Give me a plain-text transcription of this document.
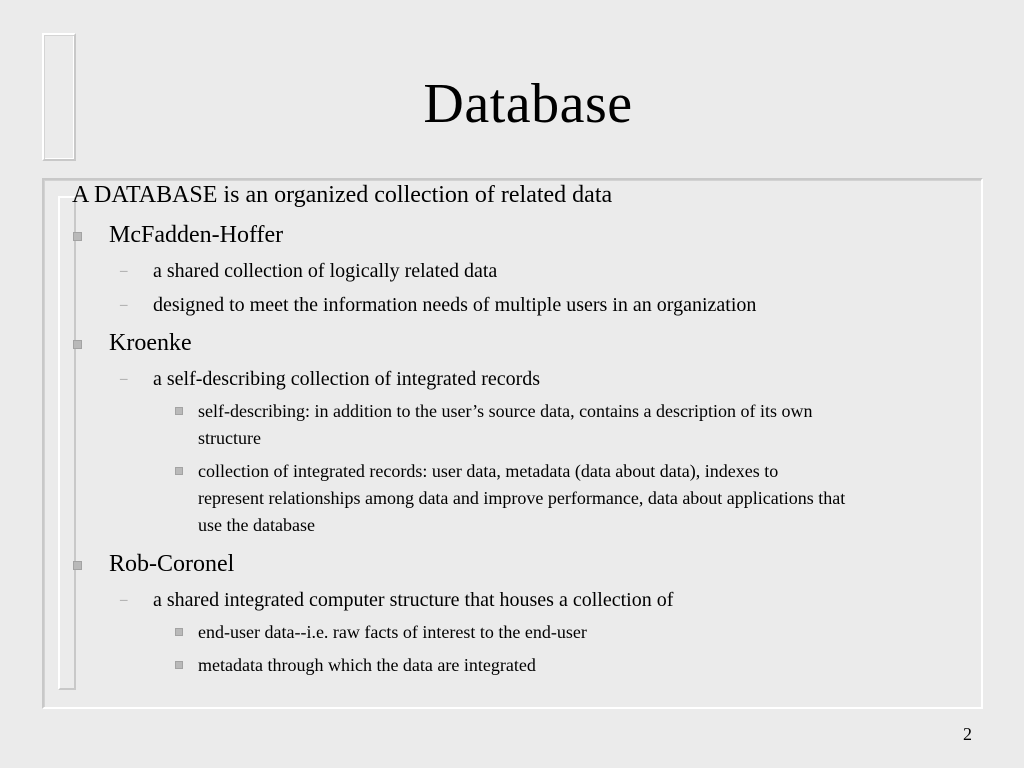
Database

A DATABASE is an organized collection of related data

McFadden-Hoffer
– a shared collection of logically related data
– designed to meet the information needs of multiple users in an organization
Kroenke
– a self-describing collection of integrated records
self-describing: in addition to the user’s source data, contains a description of its own structure
collection of integrated records: user data, metadata (data about data), indexes to represent relationships among data and improve performance, data about applications that use the database
Rob-Coronel
– a shared integrated computer structure that houses a collection of
end-user data--i.e. raw facts of interest to the end-user
metadata through which the data are integrated
2
